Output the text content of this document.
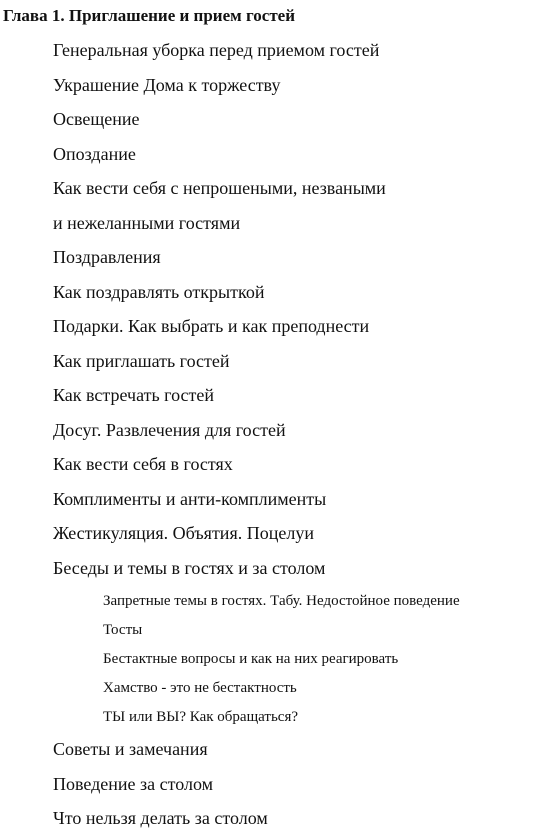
Глава 1. Приглашение и прием гостей
Генеральная уборка перед приемом гостей
Украшение Дома к торжеству
Освещение
Опоздание
Как вести себя с непрошеными, незваными
и нежеланными гостями
Поздравления
Как поздравлять открыткой
Подарки. Как выбрать и как преподнести
Как приглашать гостей
Как встречать гостей
Досуг. Развлечения для гостей
Как вести себя в гостях
Комплименты и анти-комплименты
Жестикуляция. Объятия. Поцелуи
Беседы и темы в гостях и за столом
Запретные темы в гостях. Табу. Недостойное поведение
Тосты
Бестактные вопросы и как на них реагировать
Хамство - это не бестактность
ТЫ или ВЫ? Как обращаться?
Советы и замечания
Поведение за столом
Что нельзя делать за столом
